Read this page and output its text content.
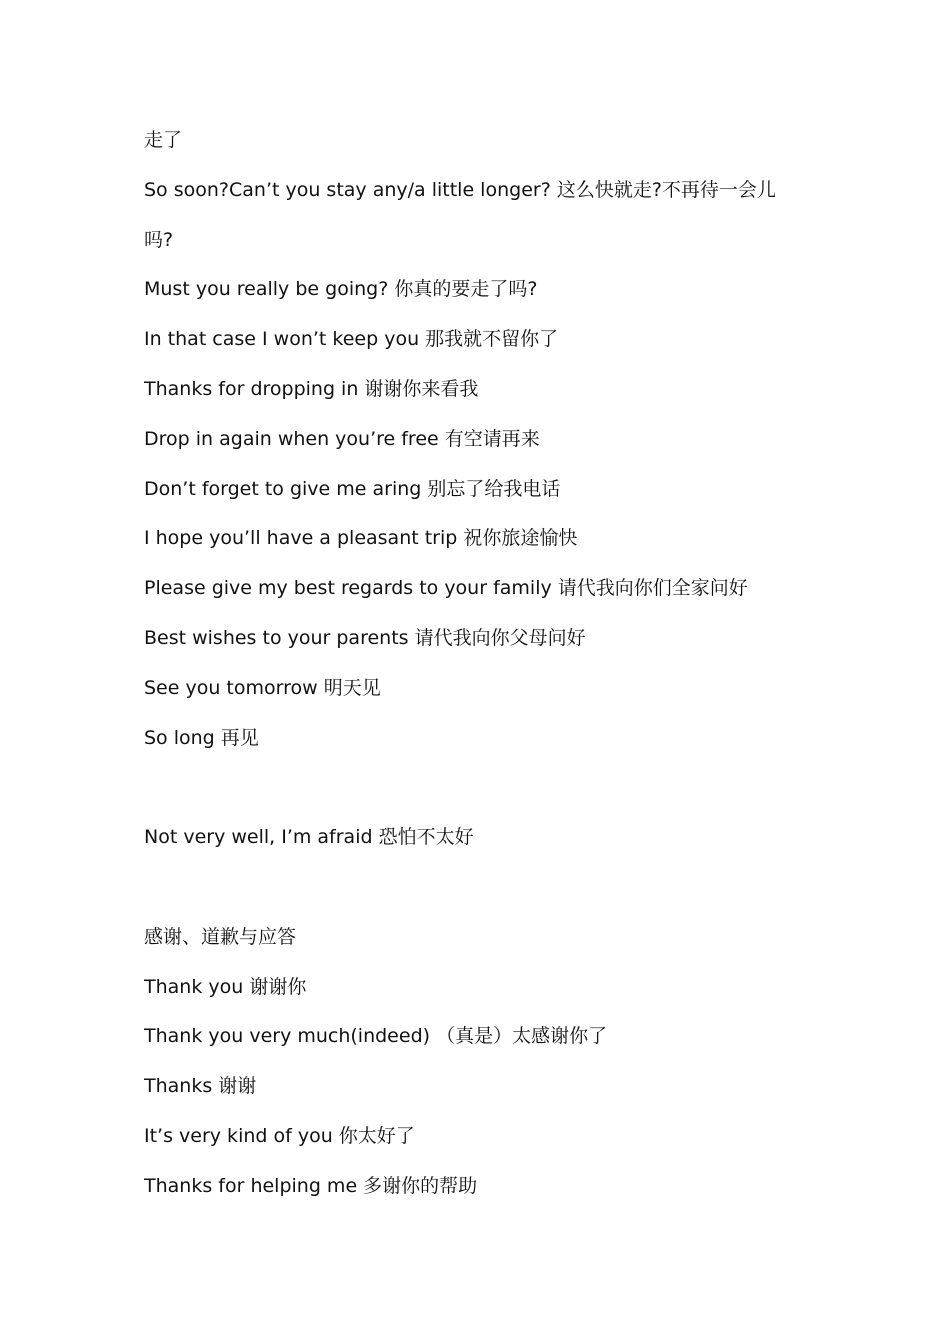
走了
So soon?Can’t you stay any/a little longer? 这么快就走?不再待一会儿
吗?
Must you really be going? 你真的要走了吗?
In that case I won’t keep you 那我就不留你了
Thanks for dropping in 谢谢你来看我
Drop in again when you’re free 有空请再来
Don’t forget to give me aring 别忘了给我电话
I hope you’ll have a pleasant trip 祝你旅途愉快
Please give my best regards to your family 请代我向你们全家问好
Best wishes to your parents 请代我向你父母问好
See you tomorrow 明天见
So long 再见
Not very well, I’m afraid 恐怕不太好
感谢、道歉与应答
Thank you 谢谢你
Thank you very much(indeed) （真是）太感谢你了
Thanks 谢谢
It’s very kind of you 你太好了
Thanks for helping me 多谢你的帮助
